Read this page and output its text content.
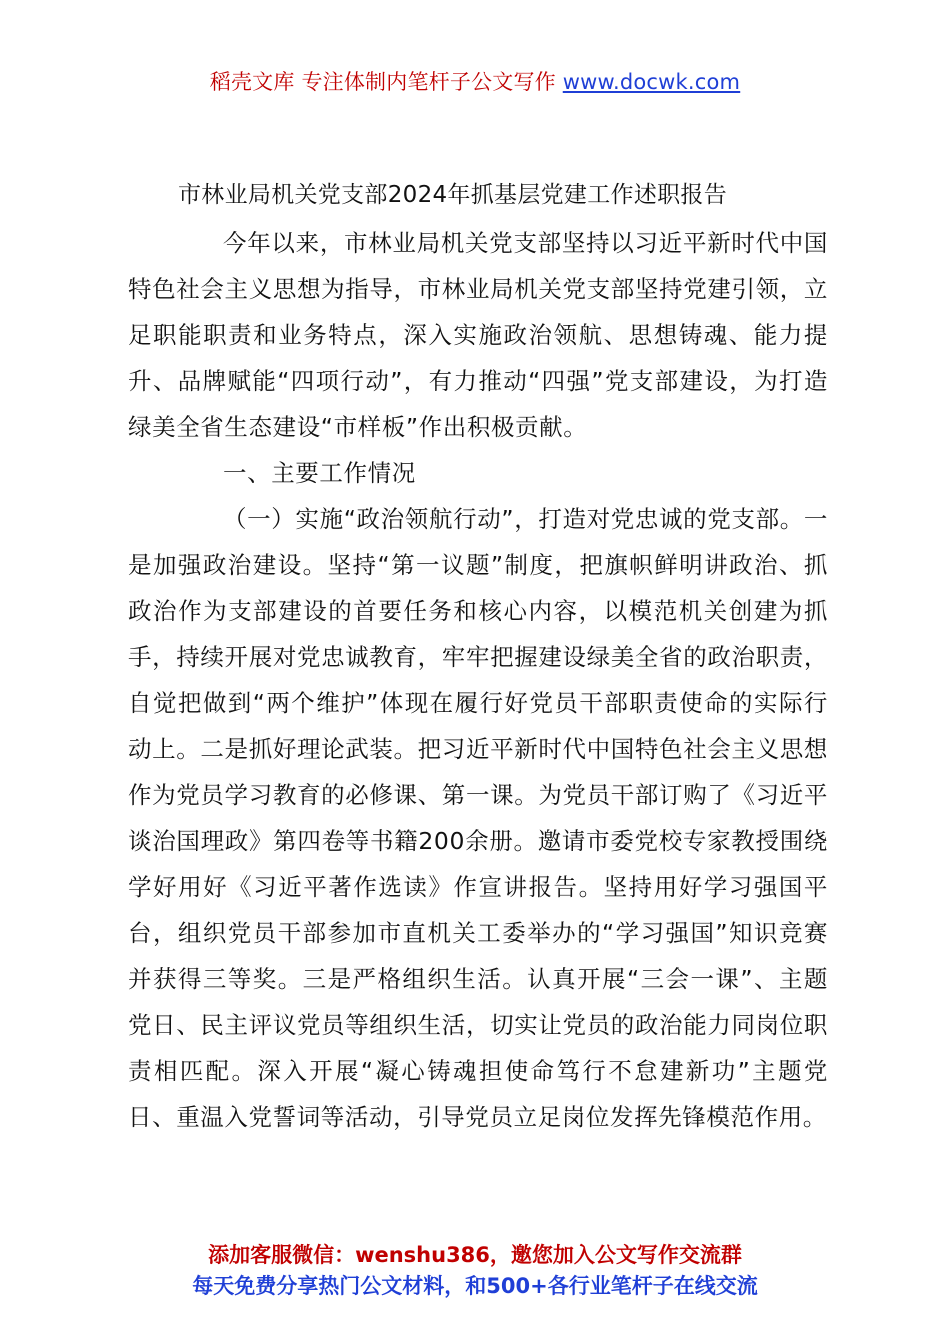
稻壳文库 专注体制内笔杆子公文写作 www.docwk.com
市林业局机关党支部2024年抓基层党建工作述职报告

今年以来，市林业局机关党支部坚持以习近平新时代中国特色社会主义思想为指导，市林业局机关党支部坚持党建引领，立足职能职责和业务特点，深入实施政治领航、思想铸魂、能力提升、品牌赋能“四项行动”，有力推动“四强”党支部建设，为打造绿美全省生态建设“市样板”作出积极贡献。

一、主要工作情况

（一）实施“政治领航行动”，打造对党忠诚的党支部。一是加强政治建设。坚持“第一议题”制度，把旗帜鲜明讲政治、抓政治作为支部建设的首要任务和核心内容，以模范机关创建为抓手，持续开展对党忠诚教育，牢牢把握建设绿美全省的政治职责，自觉把做到“两个维护”体现在履行好党员干部职责使命的实际行动上。二是抓好理论武装。把习近平新时代中国特色社会主义思想作为党员学习教育的必修课、第一课。为党员干部订购了《习近平谈治国理政》第四卷等书籍200余册。邀请市委党校专家教授围绕学好用好《习近平著作选读》作宣讲报告。坚持用好学习强国平台，组织党员干部参加市直机关工委举办的“学习强国”知识竞赛并获得三等奖。三是严格组织生活。认真开展“三会一课”、主题党日、民主评议党员等组织生活，切实让党员的政治能力同岗位职责相匹配。深入开展“凝心铸魂担使命笃行不怠建新功”主题党日、重温入党誓词等活动，引导党员立足岗位发挥先锋模范作用。

添加客服微信：wenshu386，邀您加入公文写作交流群
每天免费分享热门公文材料，和500+各行业笔杆子在线交流
